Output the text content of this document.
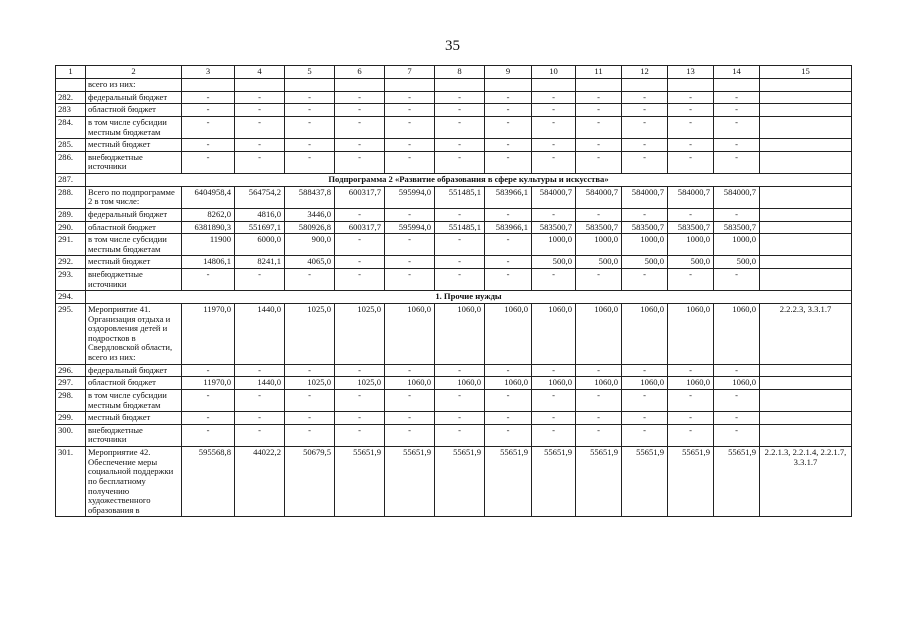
35
1	2	3	4	5	6	7	8	9	10	11	12	13	14	15
	всего из них:													
282.	федеральный бюджет	-	-	-	-	-	-	-	-	-	-	-	-	
283	областной бюджет	-	-	-	-	-	-	-	-	-	-	-	-	
284.	в том числе субсидии местным бюджетам	-	-	-	-	-	-	-	-	-	-	-	-	
285.	местный бюджет	-	-	-	-	-	-	-	-	-	-	-	-	
286.	внебюджетные источники	-	-	-	-	-	-	-	-	-	-	-	-	
287.	Подпрограмма 2 «Развитие образования в сфере культуры и искусства»													
288.	Всего по подпрограмме 2 в том числе:	6404958,4	564754,2	588437,8	600317,7	595994,0	551485,1	583966,1	584000,7	584000,7	584000,7	584000,7	584000,7	
289.	федеральный бюджет	8262,0	4816,0	3446,0	-	-	-	-	-	-	-	-	-	
290.	областной бюджет	6381890,3	551697,1	580926,8	600317,7	595994,0	551485,1	583966,1	583500,7	583500,7	583500,7	583500,7	583500,7	
291.	в том числе субсидии местным бюджетам	11900	6000,0	900,0	-	-	-	-	1000,0	1000,0	1000,0	1000,0	1000,0	
292.	местный бюджет	14806,1	8241,1	4065,0	-	-	-	-	500,0	500,0	500,0	500,0	500,0	
293.	внебюджетные источники	-	-	-	-	-	-	-	-	-	-	-	-	
294.	1. Прочие нужды													
295.	Мероприятие 41. Организация отдыха и оздоровления детей и подростков в Свердловской области, всего из них:	11970,0	1440,0	1025,0	1025,0	1060,0	1060,0	1060,0	1060,0	1060,0	1060,0	1060,0	1060,0	2.2.2.3, 3.3.1.7
296.	федеральный бюджет	-	-	-	-	-	-	-	-	-	-	-	-	
297.	областной бюджет	11970,0	1440,0	1025,0	1025,0	1060,0	1060,0	1060,0	1060,0	1060,0	1060,0	1060,0	1060,0	
298.	в том числе субсидии местным бюджетам	-	-	-	-	-	-	-	-	-	-	-	-	
299.	местный бюджет	-	-	-	-	-	-	-	-	-	-	-	-	
300.	внебюджетные источники	-	-	-	-	-	-	-	-	-	-	-	-	
301.	Мероприятие 42. Обеспечение меры социальной поддержки по бесплатному получению художественного образования в	595568,8	44022,2	50679,5	55651,9	55651,9	55651,9	55651,9	55651,9	55651,9	55651,9	55651,9	55651,9	2.2.1.3, 2.2.1.4, 2.2.1.7, 3.3.1.7
